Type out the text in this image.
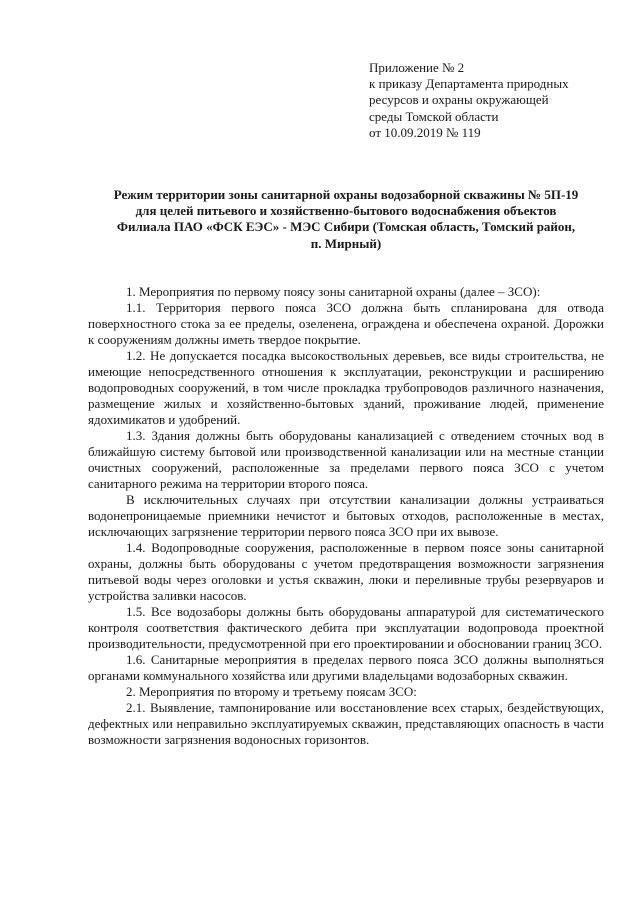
Приложение № 2
к приказу Департамента природных
ресурсов и охраны окружающей
среды Томской области
от 10.09.2019 № 119
Режим территории зоны санитарной охраны водозаборной скважины № 5П-19
для целей питьевого и хозяйственно-бытового водоснабжения объектов
Филиала ПАО «ФСК ЕЭС» - МЭС Сибири (Томская область, Томский район,
п. Мирный)

1. Мероприятия по первому поясу зоны санитарной охраны (далее – ЗСО):

1.1. Территория первого пояса ЗСО должна быть спланирована для отвода поверхностного стока за ее пределы, озеленена, ограждена и обеспечена охраной. Дорожки к сооружениям должны иметь твердое покрытие.

1.2. Не допускается посадка высокоствольных деревьев, все виды строительства, не имеющие непосредственного отношения к эксплуатации, реконструкции и расширению водопроводных сооружений, в том числе прокладка трубопроводов различного назначения, размещение жилых и хозяйственно-бытовых зданий, проживание людей, применение ядохимикатов и удобрений.

1.3. Здания должны быть оборудованы канализацией с отведением сточных вод в ближайшую систему бытовой или производственной канализации или на местные станции очистных сооружений, расположенные за пределами первого пояса ЗСО с учетом санитарного режима на территории второго пояса.

В исключительных случаях при отсутствии канализации должны устраиваться водонепроницаемые приемники нечистот и бытовых отходов, расположенные в местах, исключающих загрязнение территории первого пояса ЗСО при их вывозе.

1.4. Водопроводные сооружения, расположенные в первом поясе зоны санитарной охраны, должны быть оборудованы с учетом предотвращения возможности загрязнения питьевой воды через оголовки и устья скважин, люки и переливные трубы резервуаров и устройства заливки насосов.

1.5. Все водозаборы должны быть оборудованы аппаратурой для систематического контроля соответствия фактического дебита при эксплуатации водопровода проектной производительности, предусмотренной при его проектировании и обосновании границ ЗСО.

1.6. Санитарные мероприятия в пределах первого пояса ЗСО должны выполняться органами коммунального хозяйства или другими владельцами водозаборных скважин.

2. Мероприятия по второму и третьему поясам ЗСО:

2.1. Выявление, тампонирование или восстановление всех старых, бездействующих, дефектных или неправильно эксплуатируемых скважин, представляющих опасность в части возможности загрязнения водоносных горизонтов.
